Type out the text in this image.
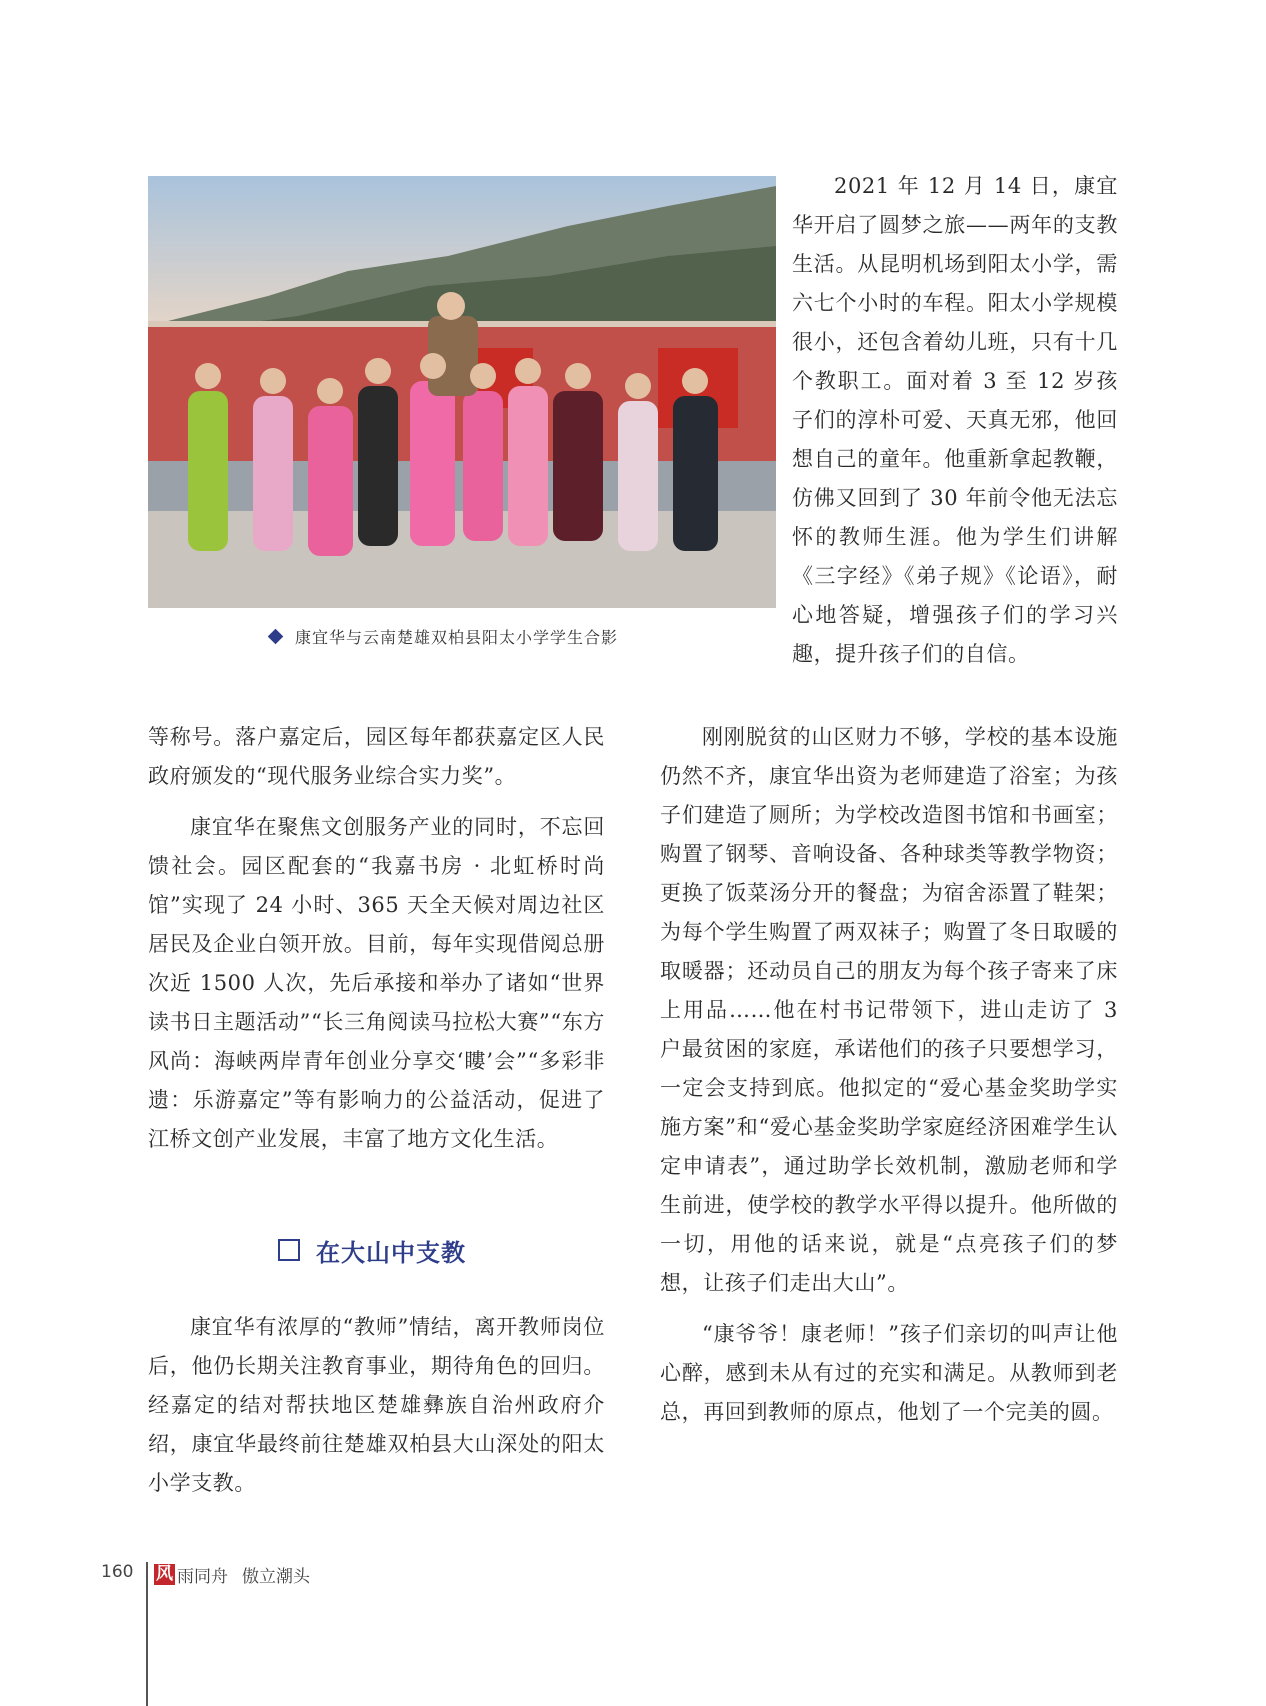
康宜华与云南楚雄双柏县阳太小学学生合影

2021 年 12 月 14 日，康宜华开启了圆梦之旅——两年的支教生活。从昆明机场到阳太小学，需六七个小时的车程。阳太小学规模很小，还包含着幼儿班，只有十几个教职工。面对着 3 至 12 岁孩子们的淳朴可爱、天真无邪，他回想自己的童年。他重新拿起教鞭，仿佛又回到了 30 年前令他无法忘怀的教师生涯。他为学生们讲解《三字经》《弟子规》《论语》，耐心地答疑，增强孩子们的学习兴趣，提升孩子们的自信。

等称号。落户嘉定后，园区每年都获嘉定区人民政府颁发的“现代服务业综合实力奖”。

康宜华在聚焦文创服务产业的同时，不忘回馈社会。园区配套的“我嘉书房 · 北虹桥时尚馆”实现了 24 小时、365 天全天候对周边社区居民及企业白领开放。目前，每年实现借阅总册次近 1500 人次，先后承接和举办了诸如“世界读书日主题活动”“长三角阅读马拉松大赛”“东方风尚：海峡两岸青年创业分享交‘瞜’会”“多彩非遗：乐游嘉定”等有影响力的公益活动，促进了江桥文创产业发展，丰富了地方文化生活。

在大山中支教

康宜华有浓厚的“教师”情结，离开教师岗位后，他仍长期关注教育事业，期待角色的回归。经嘉定的结对帮扶地区楚雄彝族自治州政府介绍，康宜华最终前往楚雄双柏县大山深处的阳太小学支教。

刚刚脱贫的山区财力不够，学校的基本设施仍然不齐，康宜华出资为老师建造了浴室；为孩子们建造了厕所；为学校改造图书馆和书画室；购置了钢琴、音响设备、各种球类等教学物资；更换了饭菜汤分开的餐盘；为宿舍添置了鞋架；为每个学生购置了两双袜子；购置了冬日取暖的取暖器；还动员自己的朋友为每个孩子寄来了床上用品……他在村书记带领下，进山走访了 3 户最贫困的家庭，承诺他们的孩子只要想学习，一定会支持到底。他拟定的“爱心基金奖助学实施方案”和“爱心基金奖助学家庭经济困难学生认定申请表”，通过助学长效机制，激励老师和学生前进，使学校的教学水平得以提升。他所做的一切，用他的话来说，就是“点亮孩子们的梦想，让孩子们走出大山”。

“康爷爷！康老师！”孩子们亲切的叫声让他心醉，感到未从有过的充实和满足。从教师到老总，再回到教师的原点，他划了一个完美的圆。

160 风 雨同舟 傲立潮头
